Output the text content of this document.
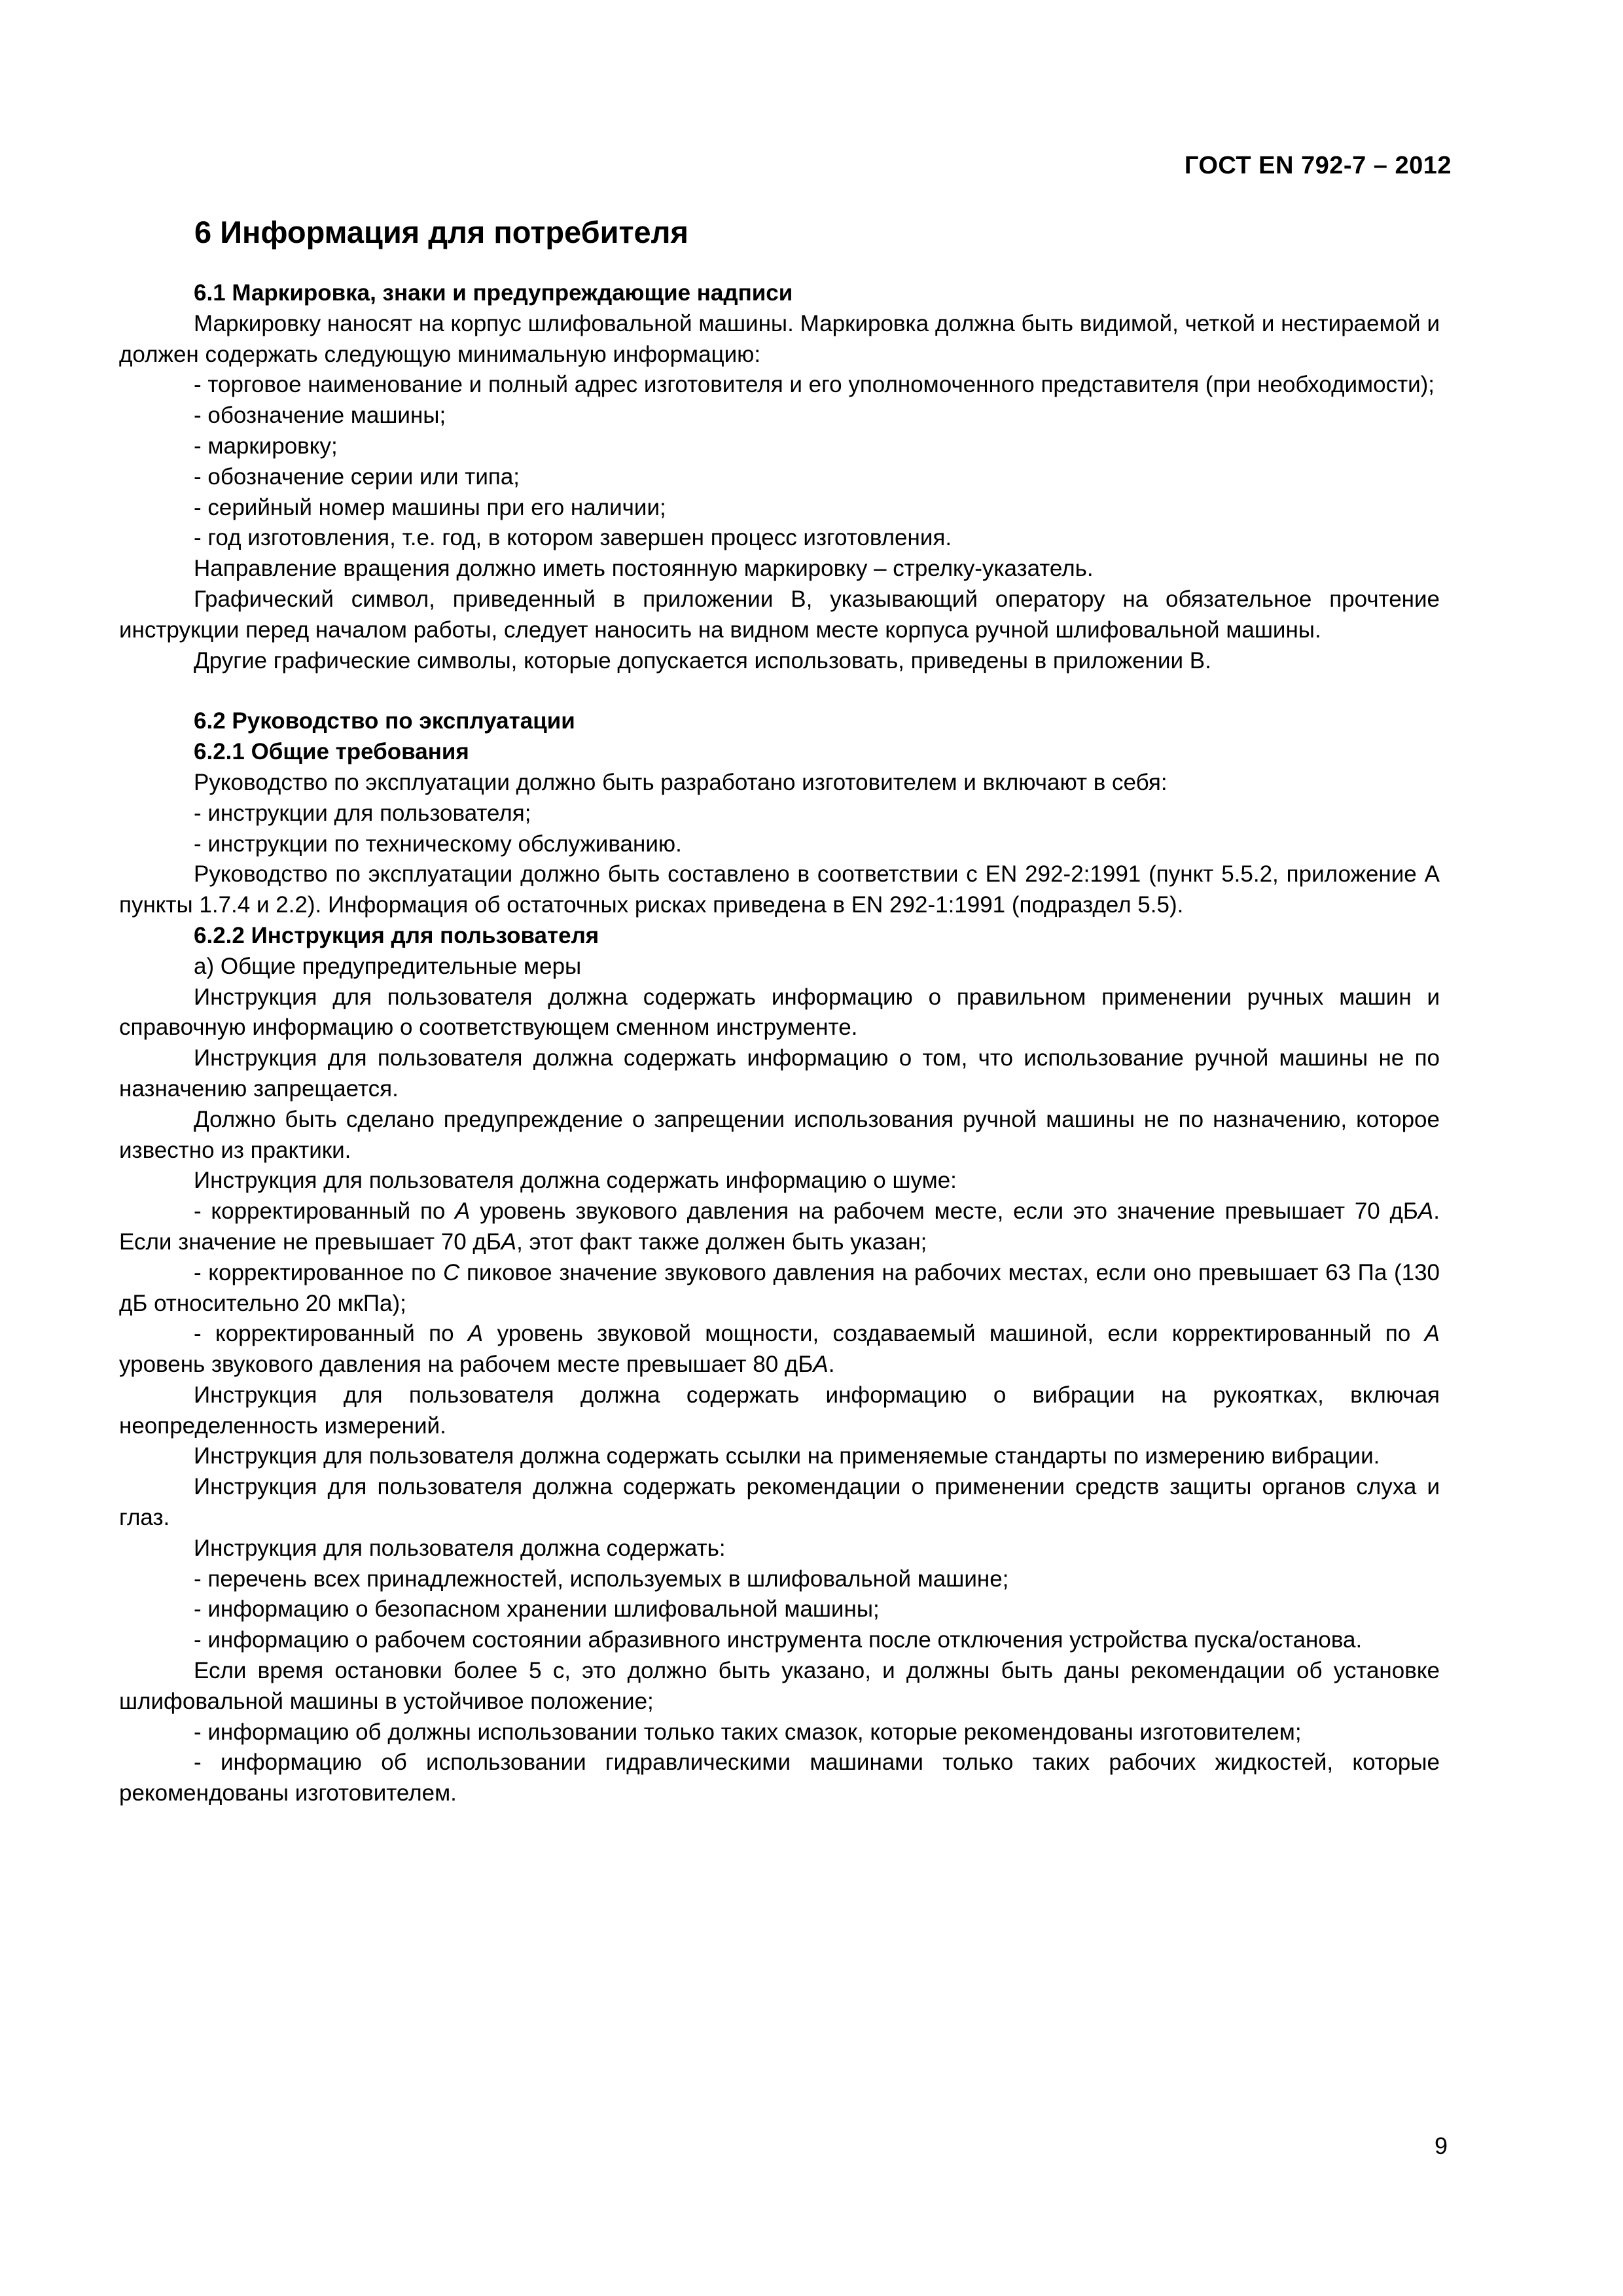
ГОСТ EN 792-7 – 2012

6 Информация для потребителя

6.1 Маркировка, знаки и предупреждающие надписи

Маркировку наносят на корпус шлифовальной машины. Маркировка должна быть видимой, четкой и нестираемой и должен содержать следующую минимальную информацию:

- торговое наименование и полный адрес изготовителя и его уполномоченного представителя (при необходимости);

- обозначение машины;

- маркировку;

- обозначение серии или типа;

- серийный номер машины при его наличии;

- год изготовления, т.е. год, в котором завершен процесс изготовления.

Направление вращения должно иметь постоянную маркировку – стрелку-указатель.

Графический символ, приведенный в приложении В, указывающий оператору на обязательное прочтение инструкции перед началом работы, следует наносить на видном месте корпуса ручной шлифовальной машины.

Другие графические символы, которые допускается использовать, приведены в приложении В.

6.2 Руководство по эксплуатации

6.2.1 Общие требования

Руководство по эксплуатации должно быть разработано изготовителем и включают в себя:

- инструкции для пользователя;

- инструкции по техническому обслуживанию.

Руководство по эксплуатации должно быть составлено в соответствии с EN 292-2:1991 (пункт 5.5.2, приложение А пункты 1.7.4 и 2.2). Информация об остаточных рисках приведена в EN 292-1:1991 (подраздел 5.5).

6.2.2 Инструкция для пользователя

а) Общие предупредительные меры

Инструкция для пользователя должна содержать информацию о правильном применении ручных машин и справочную информацию о соответствующем сменном инструменте.

Инструкция для пользователя должна содержать информацию о том, что использование ручной машины не по назначению запрещается.

Должно быть сделано предупреждение о запрещении использования ручной машины не по назначению, которое известно из практики.

Инструкция для пользователя должна содержать информацию о шуме:

- корректированный по А уровень звукового давления на рабочем месте, если это значение превышает 70 дБА. Если значение не превышает 70 дБА, этот факт также должен быть указан;

- корректированное по С пиковое значение звукового давления на рабочих местах, если оно превышает 63 Па (130 дБ относительно 20 мкПа);

- корректированный по А уровень звуковой мощности, создаваемый машиной, если корректированный по А уровень звукового давления на рабочем месте превышает 80 дБА.

Инструкция для пользователя должна содержать информацию о вибрации на рукоятках, включая неопределенность измерений.

Инструкция для пользователя должна содержать ссылки на применяемые стандарты по измерению вибрации.

Инструкция для пользователя должна содержать рекомендации о применении средств защиты органов слуха и глаз.

Инструкция для пользователя должна содержать:

- перечень всех принадлежностей, используемых в шлифовальной машине;

- информацию о безопасном хранении шлифовальной машины;

- информацию о рабочем состоянии абразивного инструмента после отключения устройства пуска/останова.

Если время остановки более 5 с, это должно быть указано, и должны быть даны рекомендации об установке шлифовальной машины в устойчивое положение;

- информацию об должны использовании только таких смазок, которые рекомендованы изготовителем;

- информацию об использовании гидравлическими машинами только таких рабочих жидкостей, которые рекомендованы изготовителем.

9
